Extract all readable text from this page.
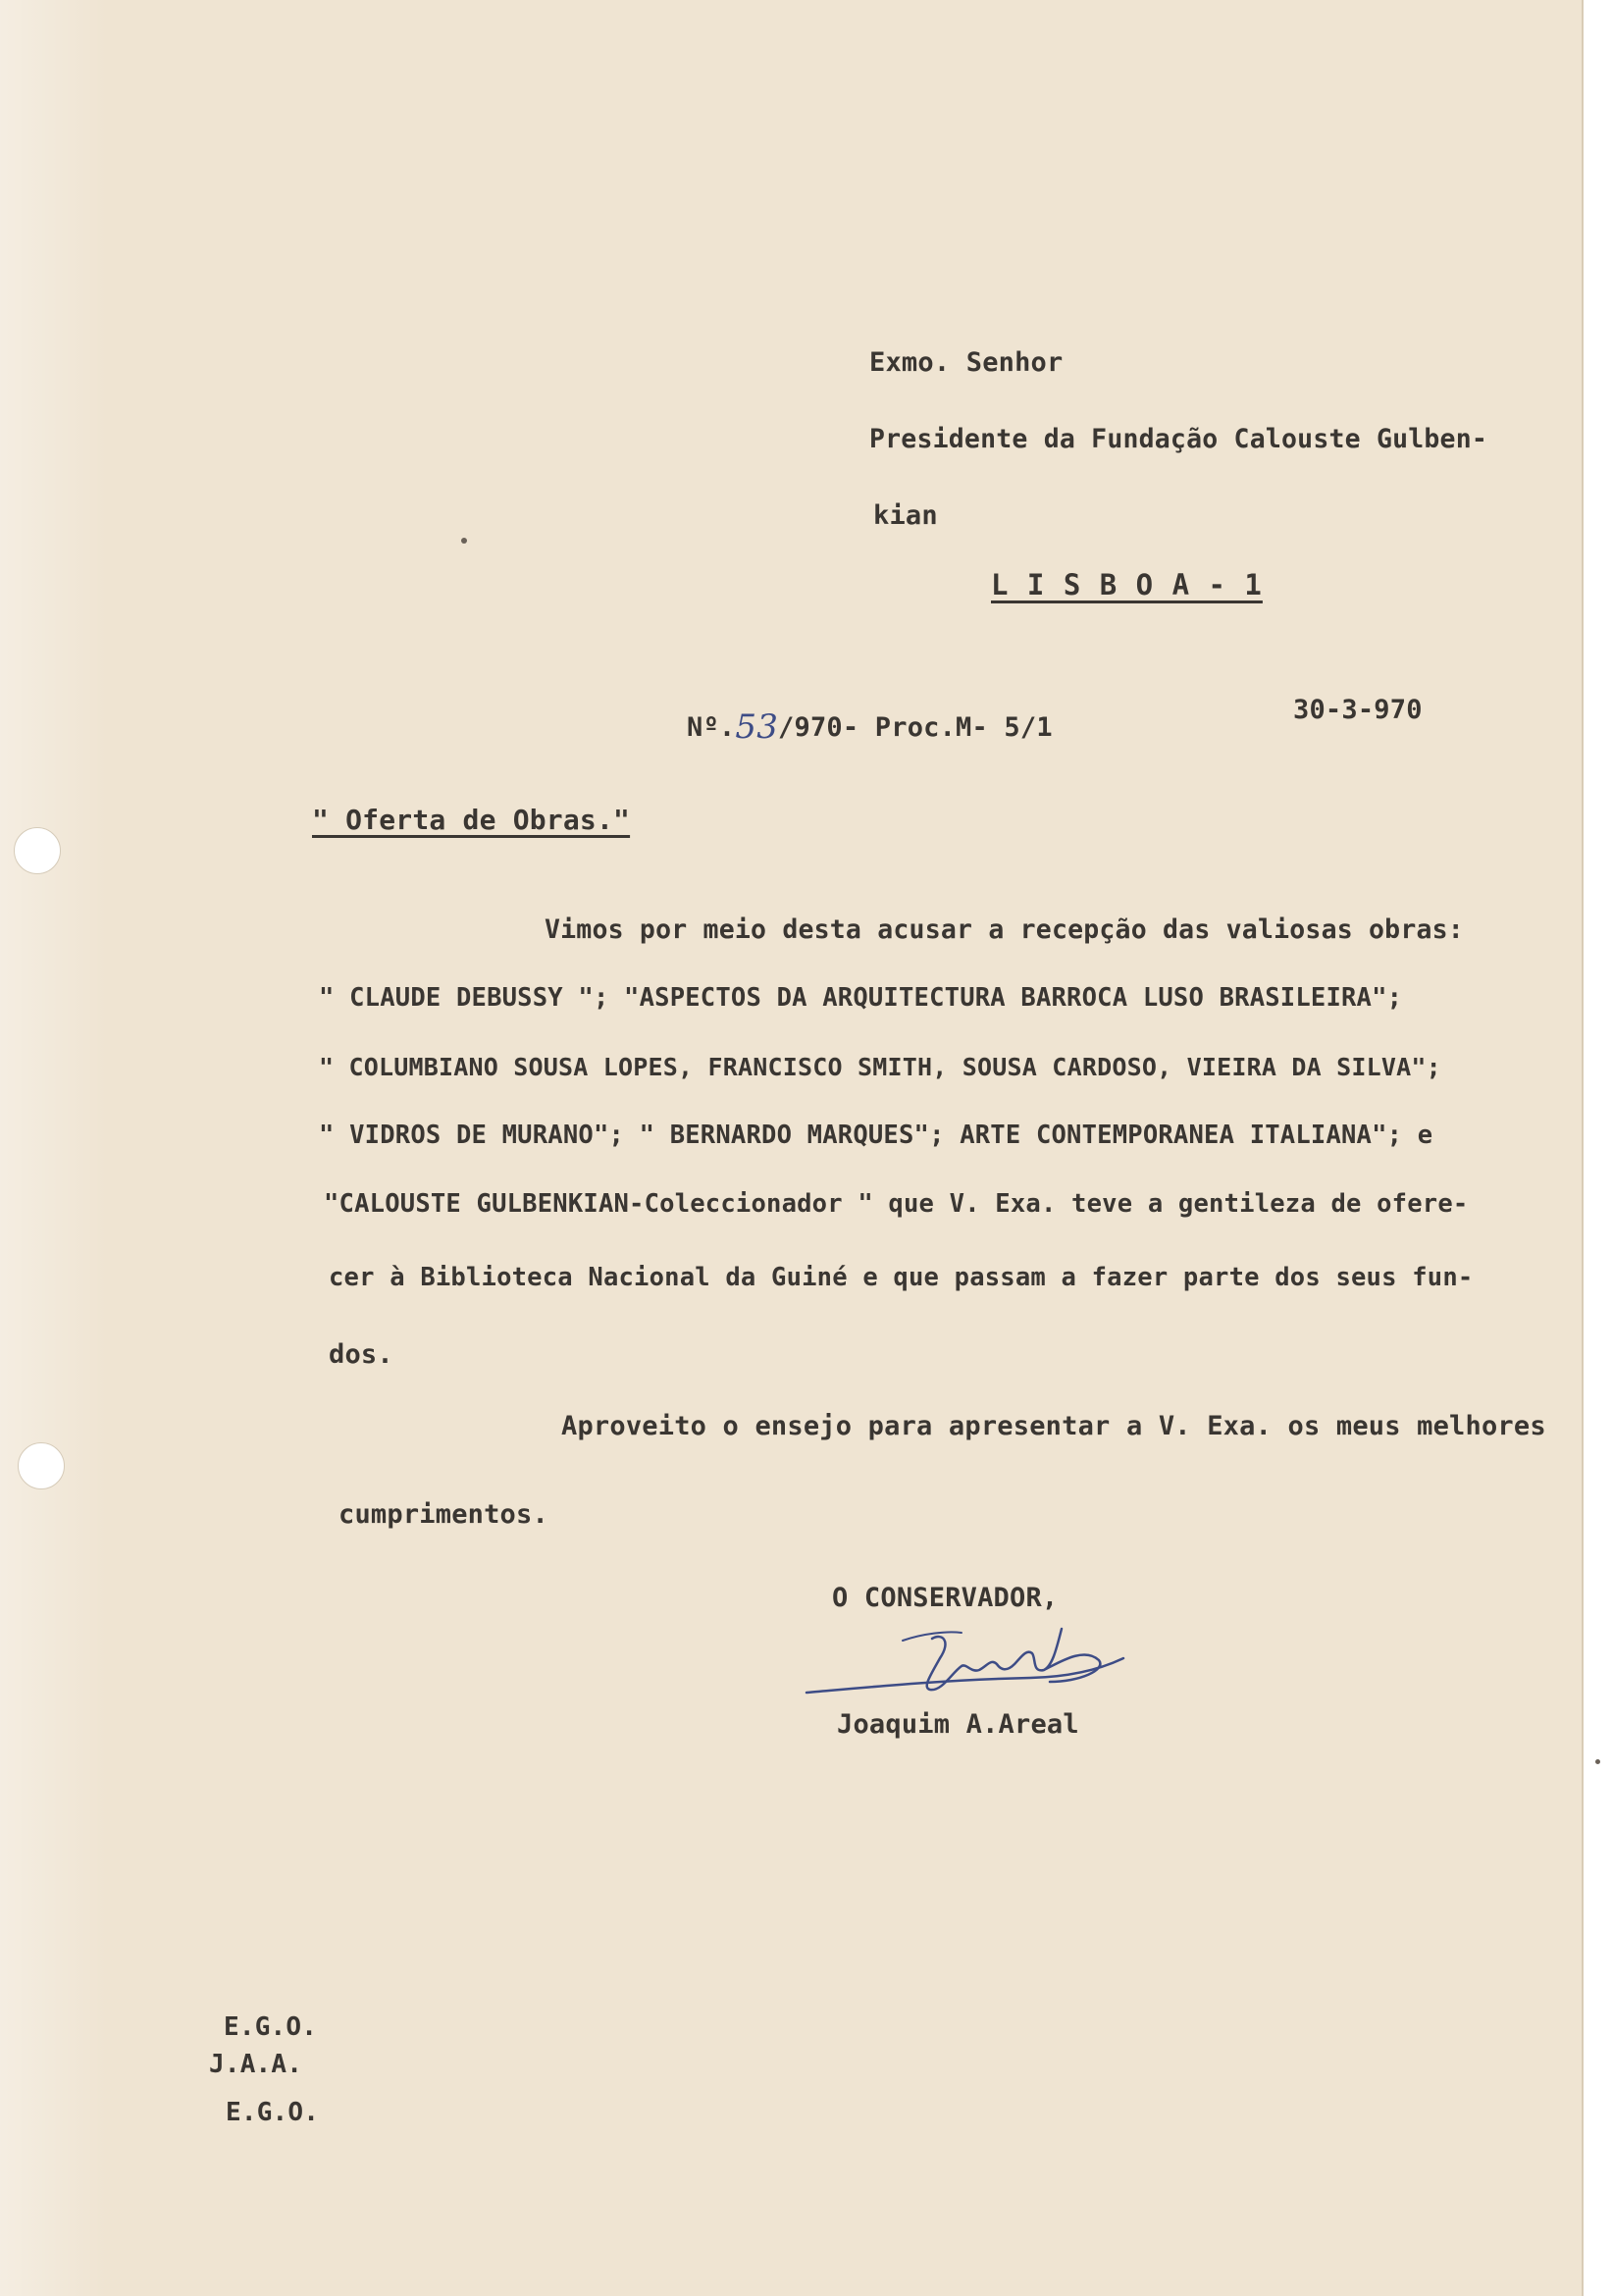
Exmo. Senhor

Presidente da Fundação Calouste Gulben-

kian

L I S B O A - 1

Nº.53/970- Proc.M- 5/1

30-3-970

" Oferta de Obras."

Vimos por meio desta acusar a recepção das valiosas obras:

" CLAUDE DEBUSSY "; "ASPECTOS DA ARQUITECTURA BARROCA LUSO BRASILEIRA";

" COLUMBIANO SOUSA LOPES, FRANCISCO SMITH, SOUSA CARDOSO, VIEIRA DA SILVA";

" VIDROS DE MURANO"; " BERNARDO MARQUES"; ARTE CONTEMPORANEA ITALIANA"; e

"CALOUSTE GULBENKIAN-Coleccionador " que V. Exa. teve a gentileza de ofere-

cer à Biblioteca Nacional da Guiné e que passam a fazer parte dos seus fun-

dos.

Aproveito o ensejo para apresentar a V. Exa. os meus melhores

cumprimentos.

O CONSERVADOR,

Joaquim A.Areal

E.G.O.

J.A.A.

E.G.O.
